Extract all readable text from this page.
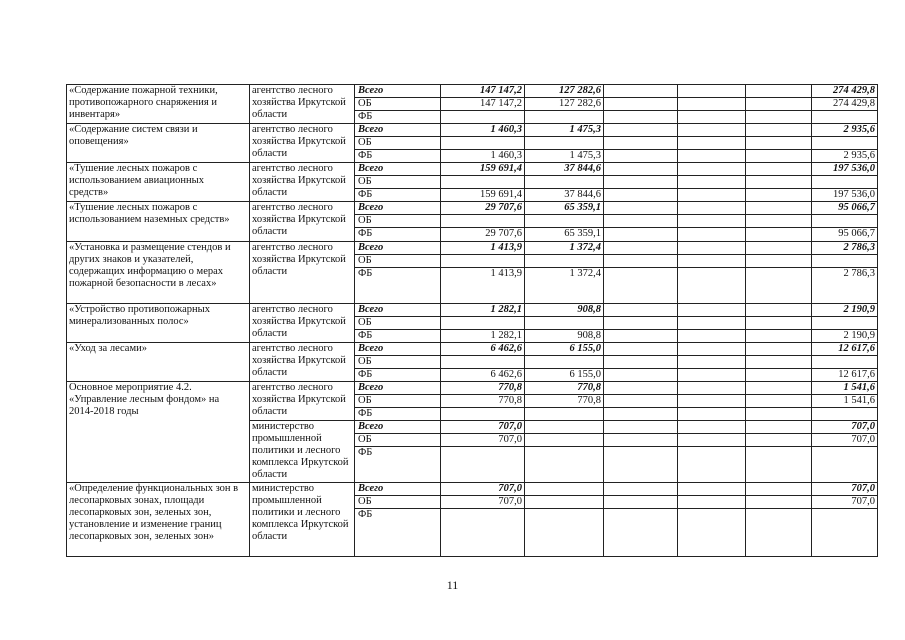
«Содержание пожарной техники, противопожарного снаряжения и инвентаря»	агентство лесного хозяйства Иркутской области	Всего	147 147,2	127 282,6				274 429,8
		ОБ	147 147,2	127 282,6				274 429,8
		ФБ						
«Содержание систем связи и оповещения»	агентство лесного хозяйства Иркутской области	Всего	1 460,3	1 475,3				2 935,6
		ОБ						
		ФБ	1 460,3	1 475,3				2 935,6
«Тушение лесных пожаров с использованием авиационных средств»	агентство лесного хозяйства Иркутской области	Всего	159 691,4	37 844,6				197 536,0
		ОБ						
		ФБ	159 691,4	37 844,6				197 536,0
«Тушение лесных пожаров с использованием наземных средств»	агентство лесного хозяйства Иркутской области	Всего	29 707,6	65 359,1				95 066,7
		ОБ						
		ФБ	29 707,6	65 359,1				95 066,7
«Установка и размещение стендов и других знаков и указателей, содержащих информацию о мерах пожарной безопасности в лесах»	агентство лесного хозяйства Иркутской области	Всего	1 413,9	1 372,4				2 786,3
		ОБ						
		ФБ	1 413,9	1 372,4				2 786,3
«Устройство противопожарных минерализованных полос»	агентство лесного хозяйства Иркутской области	Всего	1 282,1	908,8				2 190,9
		ОБ						
		ФБ	1 282,1	908,8				2 190,9
«Уход за лесами»	агентство лесного хозяйства Иркутской области	Всего	6 462,6	6 155,0				12 617,6
		ОБ						
		ФБ	6 462,6	6 155,0				12 617,6
Основное мероприятие 4.2. «Управление лесным фондом» на 2014-2018 годы	агентство лесного хозяйства Иркутской области	Всего	770,8	770,8				1 541,6
		ОБ	770,8	770,8				1 541,6
		ФБ						
	министерство промышленной политики и лесного комплекса Иркутской области	Всего	707,0					707,0
		ОБ	707,0					707,0
		ФБ						
«Определение функциональных зон в лесопарковых зонах, площади лесопарковых зон, зеленых зон, установление и изменение границ лесопарковых зон, зеленых зон»	министерство промышленной политики и лесного комплекса Иркутской области	Всего	707,0					707,0
		ОБ	707,0					707,0
		ФБ						
11
